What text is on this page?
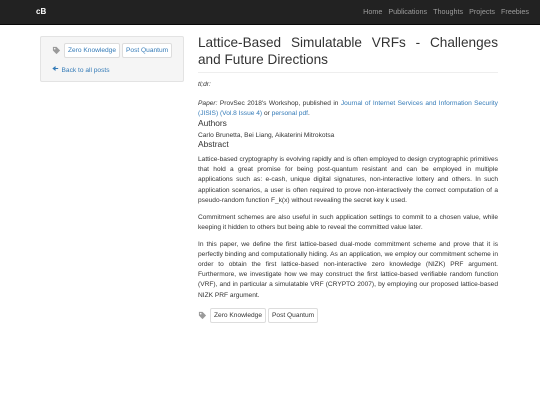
cB	Home Publications Thoughts Projects Freebies
Zero Knowledge	Post Quantum
🠈 Back to all posts
Lattice-Based Simulatable VRFs - Challenges and Future Directions
tl;dr:
Paper: ProvSec 2018's Workshop, published in Journal of Internet Services and Information Security (JISIS) (Vol.8 Issue 4) or personal pdf.
Authors
Carlo Brunetta, Bei Liang, Aikaterini Mitrokotsa
Abstract

Lattice-based cryptography is evolving rapidly and is often employed to design cryptographic primitives that hold a great promise for being post-quantum resistant and can be employed in multiple applications such as: e-cash, unique digital signatures, non-interactive lottery and others. In such application scenarios, a user is often required to prove non-interactively the correct computation of a pseudo-random function F_k(x) without revealing the secret key k used.

Commitment schemes are also useful in such application settings to commit to a chosen value, while keeping it hidden to others but being able to reveal the committed value later.

In this paper, we define the first lattice-based dual-mode commitment scheme and prove that it is perfectly binding and computationally hiding. As an application, we employ our commitment scheme in order to obtain the first lattice-based non-interactive zero knowledge (NIZK) PRF argument. Furthermore, we investigate how we may construct the first lattice-based verifiable random function (VRF), and in particular a simulatable VRF (CRYPTO 2007), by employing our proposed lattice-based NIZK PRF argument.

Zero Knowledge	Post Quantum
